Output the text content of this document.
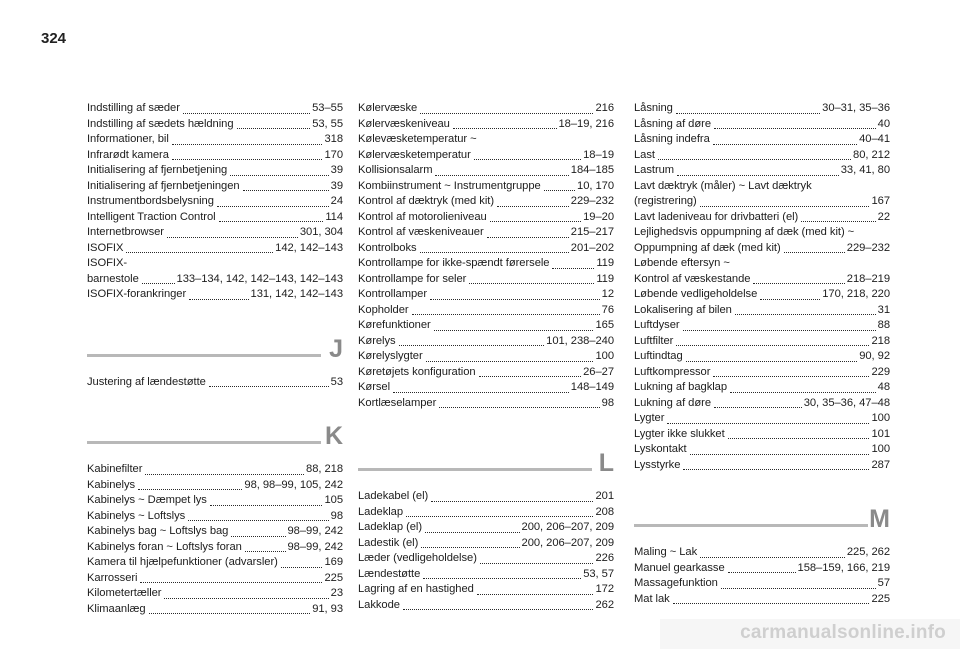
324
Indstilling af sæder	53–55
Indstilling af sædets hældning	53, 55
Informationer, bil	318
Infrarødt kamera	170
Initialisering af fjernbetjening	39
Initialisering af fjernbetjeningen	39
Instrumentbordsbelysning	24
Intelligent Traction Control	114
Internetbrowser	301, 304
ISOFIX	142, 142–143
ISOFIX-
barnestole	133–134, 142, 142–143, 142–143
ISOFIX-forankringer	131, 142, 142–143
J
Justering af lændestøtte	53
K
Kabinefilter	88, 218
Kabinelys	98, 98–99, 105, 242
Kabinelys ~ Dæmpet lys	105
Kabinelys ~ Loftslys	98
Kabinelys bag ~ Loftslys bag	98–99, 242
Kabinelys foran ~ Loftslys foran	98–99, 242
Kamera til hjælpefunktioner (advarsler)	169
Karrosseri	225
Kilometertæller	23
Klimaanlæg	91, 93
Kølervæske	216
Kølervæskeniveau	18–19, 216
Kølevæsketemperatur ~
Kølervæsketemperatur	18–19
Kollisionsalarm	184–185
Kombiinstrument ~ Instrumentgruppe	10, 170
Kontrol af dæktryk (med kit)	229–232
Kontrol af motorolieniveau	19–20
Kontrol af væskeniveauer	215–217
Kontrolboks	201–202
Kontrollampe for ikke-spændt førersele	119
Kontrollampe for seler	119
Kontrollamper	12
Kopholder	76
Kørefunktioner	165
Kørelys	101, 238–240
Kørelyslygter	100
Køretøjets konfiguration	26–27
Kørsel	148–149
Kortlæselamper	98
L
Ladekabel (el)	201
Ladeklap	208
Ladeklap (el)	200, 206–207, 209
Ladestik (el)	200, 206–207, 209
Læder (vedligeholdelse)	226
Lændestøtte	53, 57
Lagring af en hastighed	172
Lakkode	262
Låsning	30–31, 35–36
Låsning af døre	40
Låsning indefra	40–41
Last	80, 212
Lastrum	33, 41, 80
Lavt dæktryk (måler) ~ Lavt dæktryk
(registrering)	167
Lavt ladeniveau for drivbatteri (el)	22
Lejlighedsvis oppumpning af dæk (med kit) ~
Oppumpning af dæk (med kit)	229–232
Løbende eftersyn ~
Kontrol af væskestande	218–219
Løbende vedligeholdelse	170, 218, 220
Lokalisering af bilen	31
Luftdyser	88
Luftfilter	218
Luftindtag	90, 92
Luftkompressor	229
Lukning af bagklap	48
Lukning af døre	30, 35–36, 47–48
Lygter	100
Lygter ikke slukket	101
Lyskontakt	100
Lysstyrke	287
M
Maling ~ Lak	225, 262
Manuel gearkasse	158–159, 166, 219
Massagefunktion	57
Mat lak	225
carmanualsonline.info
